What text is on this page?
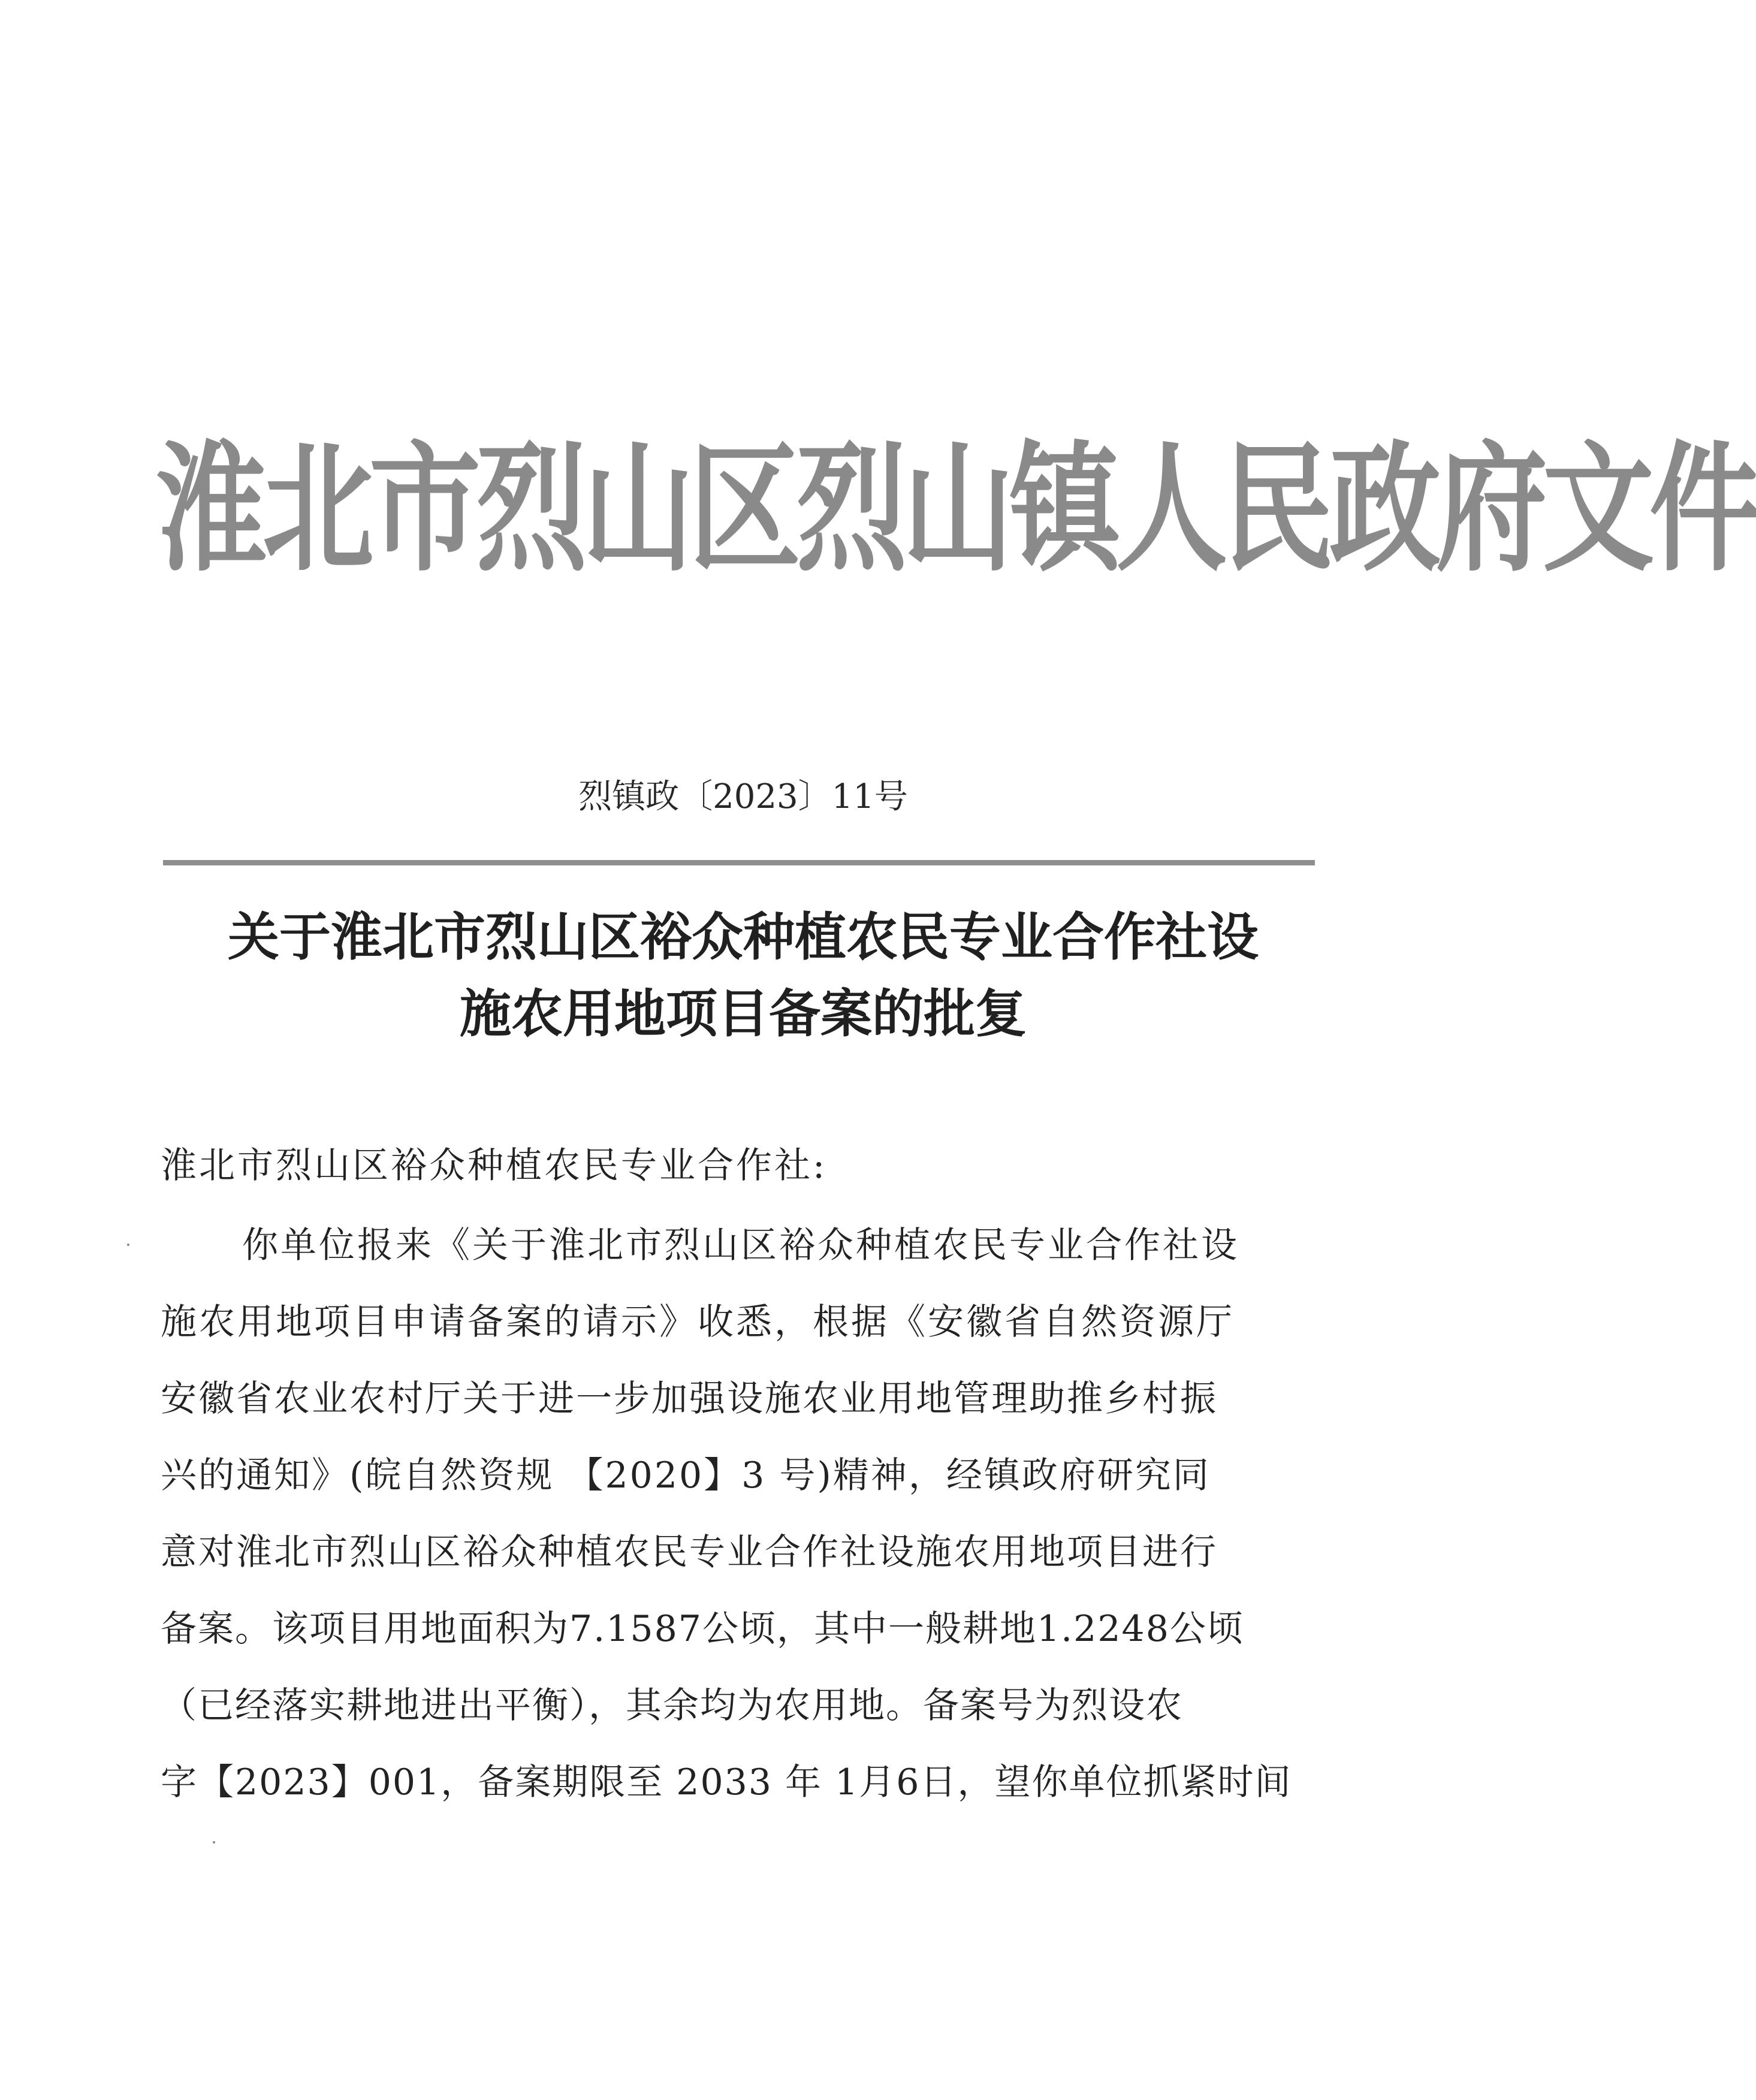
淮北市烈山区烈山镇人民政府文件
烈镇政〔2023〕11号
关于淮北市烈山区裕众种植农民专业合作社设
施农用地项目备案的批复
淮北市烈山区裕众种植农民专业合作社:
你单位报来《关于淮北市烈山区裕众种植农民专业合作社设
施农用地项目申请备案的请示》收悉，根据《安徽省自然资源厅
安徽省农业农村厅关于进一步加强设施农业用地管理助推乡村振
兴的通知》(皖自然资规 【2020】3 号)精神，经镇政府研究同
意对淮北市烈山区裕众种植农民专业合作社设施农用地项目进行
备案。该项目用地面积为7.1587公顷，其中一般耕地1.2248公顷
（已经落实耕地进出平衡），其余均为农用地。备案号为烈设农
字【2023】001，备案期限至 2033 年 1月6日，望你单位抓紧时间
